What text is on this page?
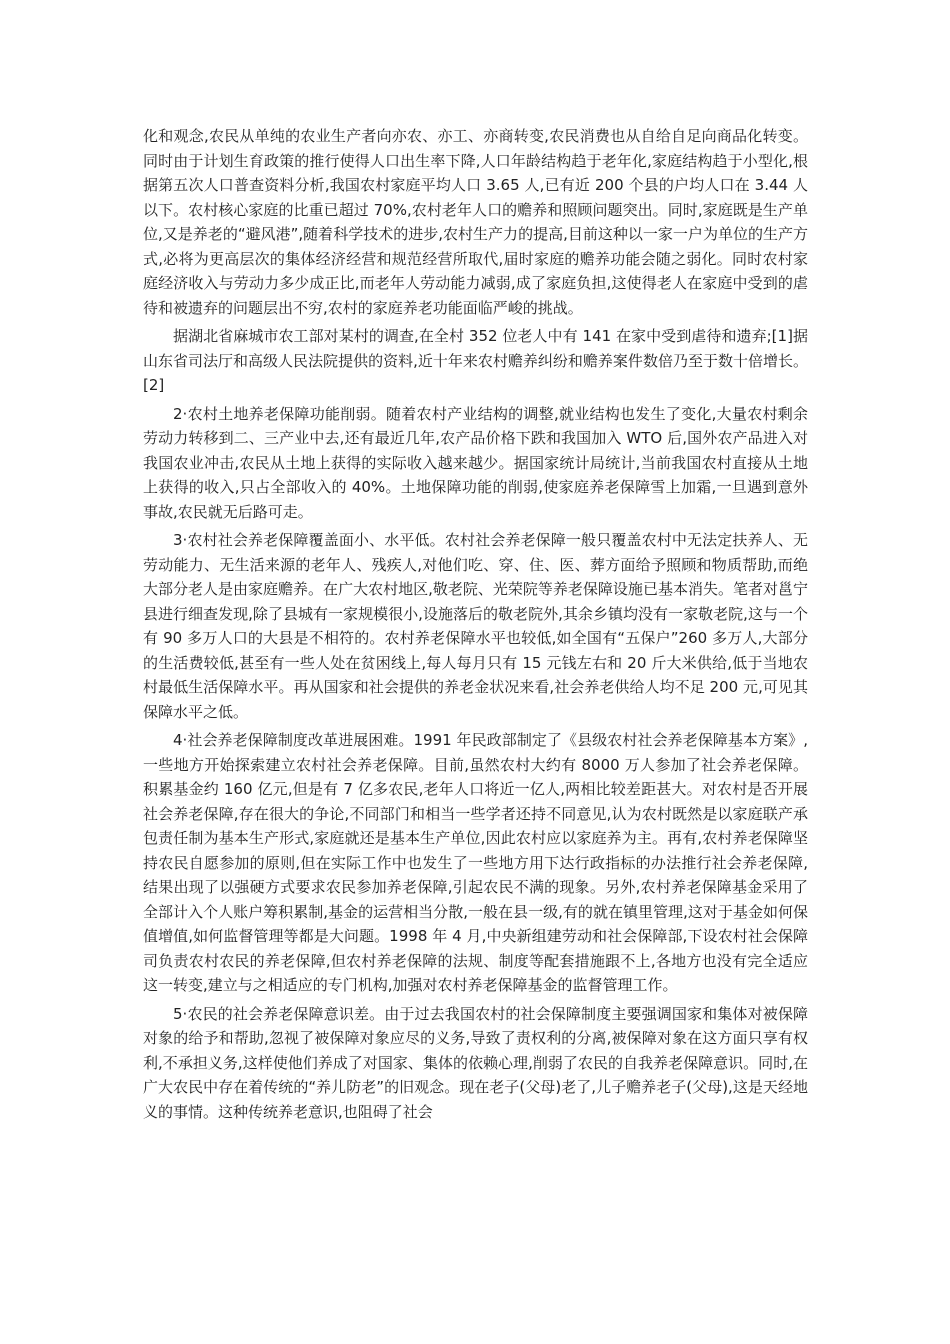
化和观念,农民从单纯的农业生产者向亦农、亦工、亦商转变,农民消费也从自给自足向商品化转变。同时由于计划生育政策的推行使得人口出生率下降,人口年龄结构趋于老年化,家庭结构趋于小型化,根据第五次人口普查资料分析,我国农村家庭平均人口 3.65 人,已有近 200 个县的户均人口在 3.44 人以下。农村核心家庭的比重已超过 70%,农村老年人口的赡养和照顾问题突出。同时,家庭既是生产单位,又是养老的“避风港”,随着科学技术的进步,农村生产力的提高,目前这种以一家一户为单位的生产方式,必将为更高层次的集体经济经营和规范经营所取代,届时家庭的赡养功能会随之弱化。同时农村家庭经济收入与劳动力多少成正比,而老年人劳动能力减弱,成了家庭负担,这使得老人在家庭中受到的虐待和被遗弃的问题层出不穷,农村的家庭养老功能面临严峻的挑战。

据湖北省麻城市农工部对某村的调查,在全村 352 位老人中有 141 在家中受到虐待和遗弃;[1]据山东省司法厅和高级人民法院提供的资料,近十年来农村赡养纠纷和赡养案件数倍乃至于数十倍增长。[2]

2·农村土地养老保障功能削弱。随着农村产业结构的调整,就业结构也发生了变化,大量农村剩余劳动力转移到二、三产业中去,还有最近几年,农产品价格下跌和我国加入 WTO 后,国外农产品进入对我国农业冲击,农民从土地上获得的实际收入越来越少。据国家统计局统计,当前我国农村直接从土地上获得的收入,只占全部收入的 40%。土地保障功能的削弱,使家庭养老保障雪上加霜,一旦遇到意外事故,农民就无后路可走。

3·农村社会养老保障覆盖面小、水平低。农村社会养老保障一般只覆盖农村中无法定扶养人、无劳动能力、无生活来源的老年人、残疾人,对他们吃、穿、住、医、葬方面给予照顾和物质帮助,而绝大部分老人是由家庭赡养。在广大农村地区,敬老院、光荣院等养老保障设施已基本消失。笔者对邕宁县进行细查发现,除了县城有一家规模很小,设施落后的敬老院外,其余乡镇均没有一家敬老院,这与一个有 90 多万人口的大县是不相符的。农村养老保障水平也较低,如全国有“五保户”260 多万人,大部分的生活费较低,甚至有一些人处在贫困线上,每人每月只有 15 元钱左右和 20 斤大米供给,低于当地农村最低生活保障水平。再从国家和社会提供的养老金状况来看,社会养老供给人均不足 200 元,可见其保障水平之低。

4·社会养老保障制度改革进展困难。1991 年民政部制定了《县级农村社会养老保障基本方案》,一些地方开始探索建立农村社会养老保障。目前,虽然农村大约有 8000 万人参加了社会养老保障。积累基金约 160 亿元,但是有 7 亿多农民,老年人口将近一亿人,两相比较差距甚大。对农村是否开展社会养老保障,存在很大的争论,不同部门和相当一些学者还持不同意见,认为农村既然是以家庭联产承包责任制为基本生产形式,家庭就还是基本生产单位,因此农村应以家庭养为主。再有,农村养老保障坚持农民自愿参加的原则,但在实际工作中也发生了一些地方用下达行政指标的办法推行社会养老保障,结果出现了以强硬方式要求农民参加养老保障,引起农民不满的现象。另外,农村养老保障基金采用了全部计入个人账户筹积累制,基金的运营相当分散,一般在县一级,有的就在镇里管理,这对于基金如何保值增值,如何监督管理等都是大问题。1998 年 4 月,中央新组建劳动和社会保障部,下设农村社会保障司负责农村农民的养老保障,但农村养老保障的法规、制度等配套措施跟不上,各地方也没有完全适应这一转变,建立与之相适应的专门机构,加强对农村养老保障基金的监督管理工作。

5·农民的社会养老保障意识差。由于过去我国农村的社会保障制度主要强调国家和集体对被保障对象的给予和帮助,忽视了被保障对象应尽的义务,导致了责权利的分离,被保障对象在这方面只享有权利,不承担义务,这样使他们养成了对国家、集体的依赖心理,削弱了农民的自我养老保障意识。同时,在广大农民中存在着传统的“养儿防老”的旧观念。现在老子(父母)老了,儿子赡养老子(父母),这是天经地义的事情。这种传统养老意识,也阻碍了社会
